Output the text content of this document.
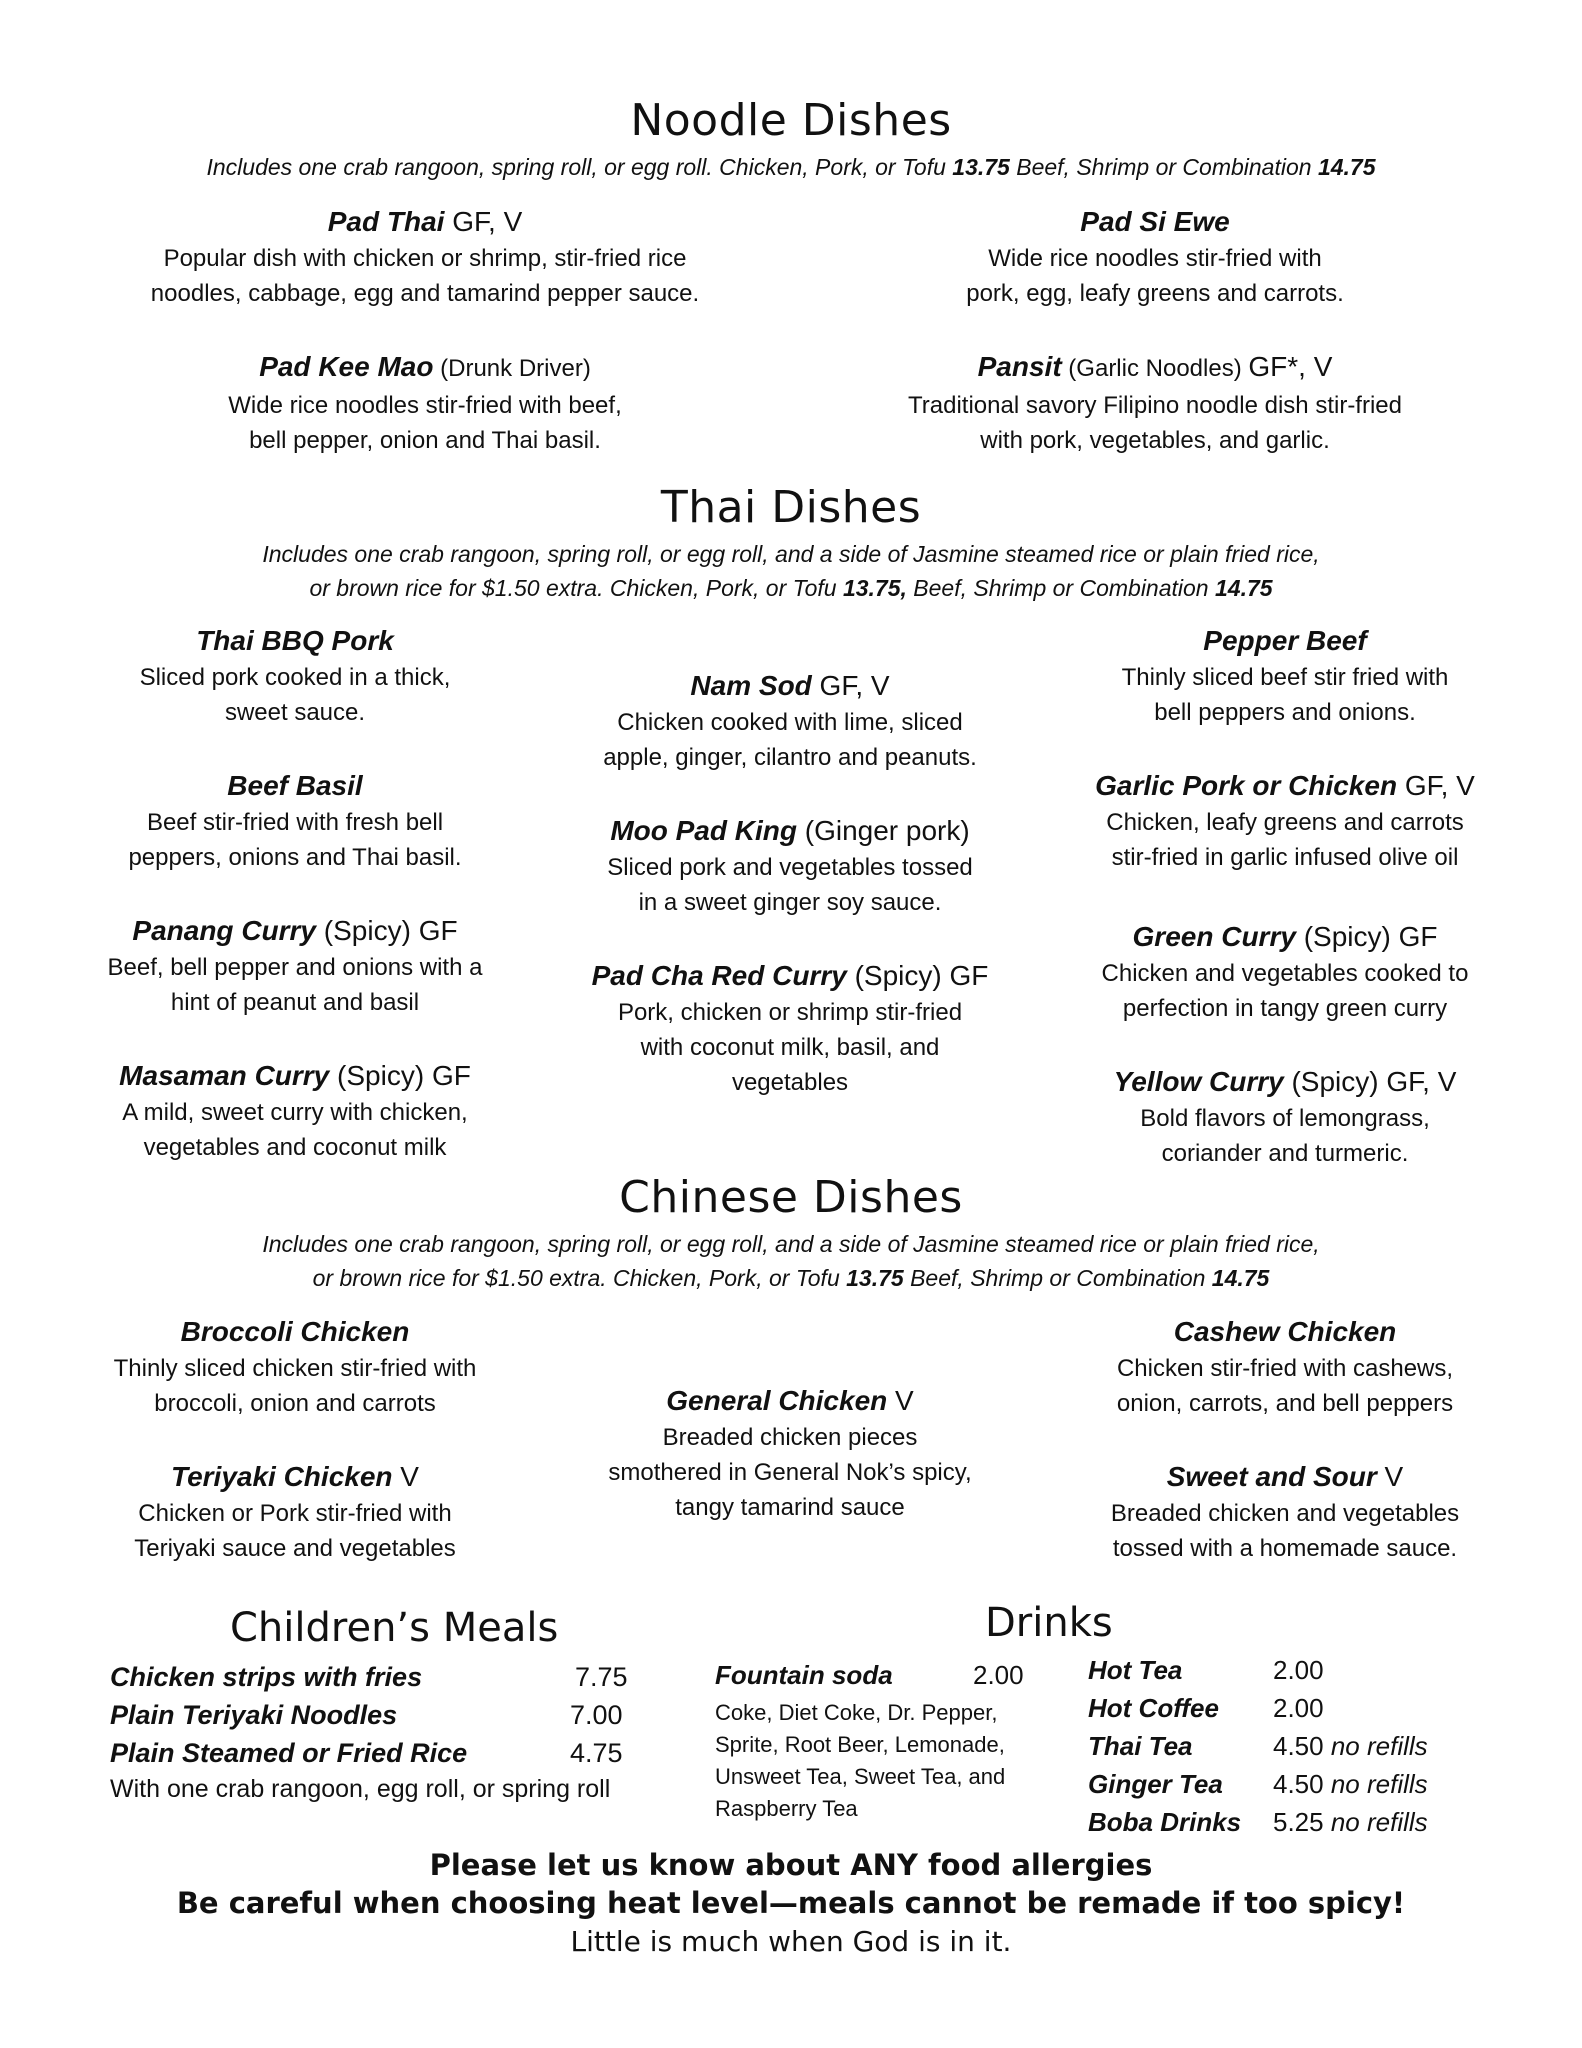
Noodle Dishes
Includes one crab rangoon, spring roll, or egg roll. Chicken, Pork, or Tofu 13.75 Beef, Shrimp or Combination 14.75
Pad Thai GF, V
Popular dish with chicken or shrimp, stir-fried rice
noodles, cabbage, egg and tamarind pepper sauce.
Pad Si Ewe
Wide rice noodles stir-fried with
pork, egg, leafy greens and carrots.
Pad Kee Mao (Drunk Driver)
Wide rice noodles stir-fried with beef,
bell pepper, onion and Thai basil.
Pansit (Garlic Noodles) GF*, V
Traditional savory Filipino noodle dish stir-fried
with pork, vegetables, and garlic.
Thai Dishes
Includes one crab rangoon, spring roll, or egg roll, and a side of Jasmine steamed rice or plain fried rice,
or brown rice for $1.50 extra. Chicken, Pork, or Tofu 13.75, Beef, Shrimp or Combination 14.75
Thai BBQ Pork
Sliced pork cooked in a thick,
sweet sauce.
Beef Basil
Beef stir-fried with fresh bell
peppers, onions and Thai basil.
Panang Curry (Spicy) GF
Beef, bell pepper and onions with a
hint of peanut and basil
Masaman Curry (Spicy) GF
A mild, sweet curry with chicken,
vegetables and coconut milk
Nam Sod GF, V
Chicken cooked with lime, sliced
apple, ginger, cilantro and peanuts.
Moo Pad King (Ginger pork)
Sliced pork and vegetables tossed
in a sweet ginger soy sauce.
Pad Cha Red Curry (Spicy) GF
Pork, chicken or shrimp stir-fried
with coconut milk, basil, and
vegetables
Pepper Beef
Thinly sliced beef stir fried with
bell peppers and onions.
Garlic Pork or Chicken GF, V
Chicken, leafy greens and carrots
stir-fried in garlic infused olive oil
Green Curry (Spicy) GF
Chicken and vegetables cooked to
perfection in tangy green curry
Yellow Curry (Spicy) GF, V
Bold flavors of lemongrass,
coriander and turmeric.
Chinese Dishes
Includes one crab rangoon, spring roll, or egg roll, and a side of Jasmine steamed rice or plain fried rice,
or brown rice for $1.50 extra. Chicken, Pork, or Tofu 13.75 Beef, Shrimp or Combination 14.75
Broccoli Chicken
Thinly sliced chicken stir-fried with
broccoli, onion and carrots
Teriyaki Chicken V
Chicken or Pork stir-fried with
Teriyaki sauce and vegetables
General Chicken V
Breaded chicken pieces
smothered in General Nok’s spicy,
tangy tamarind sauce
Cashew Chicken
Chicken stir-fried with cashews,
onion, carrots, and bell peppers
Sweet and Sour V
Breaded chicken and vegetables
tossed with a homemade sauce.
Children’s Meals
Chicken strips with fries	7.75
Plain Teriyaki Noodles	7.00
Plain Steamed or Fried Rice	4.75
With one crab rangoon, egg roll, or spring roll
Drinks
Fountain soda	2.00
Coke, Diet Coke, Dr. Pepper,
Sprite, Root Beer, Lemonade,
Unsweet Tea, Sweet Tea, and
Raspberry Tea
Hot Tea	2.00
Hot Coffee 2.00
Thai Tea	4.50 no refills
Ginger Tea 4.50 no refills
Boba Drinks 5.25 no refills
Please let us know about ANY food allergies
Be careful when choosing heat level—meals cannot be remade if too spicy!
Little is much when God is in it.
